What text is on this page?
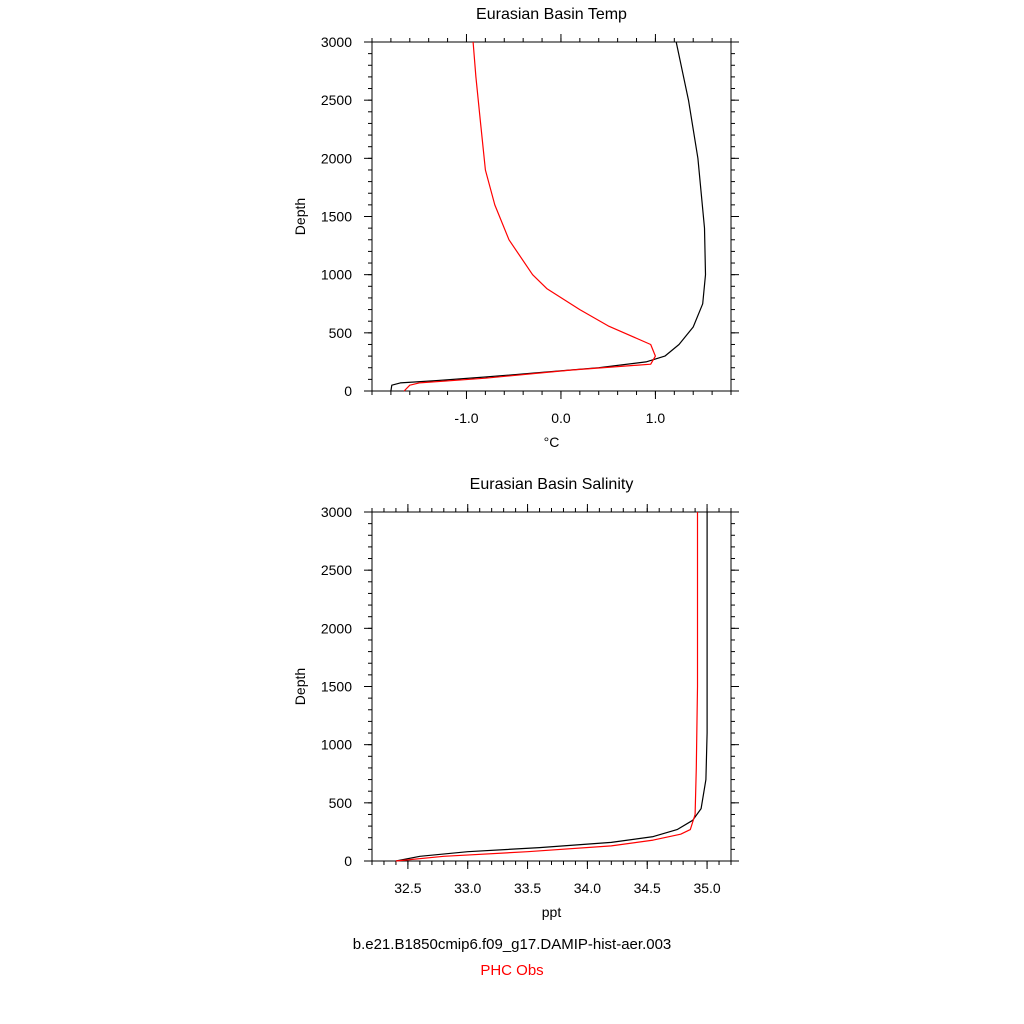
Eurasian Basin Temp
-1.0	0.0	1.0
0
500
1000
1500
2000
2500
3000
°C
Depth
Eurasian Basin Salinity
32.5 33.0 33.5 34.0 34.5 35.0
0
500
1000
1500
2000
2500
3000
ppt
Depth
b.e21.B1850cmip6.f09_g17.DAMIP-hist-aer.003
PHC Obs
